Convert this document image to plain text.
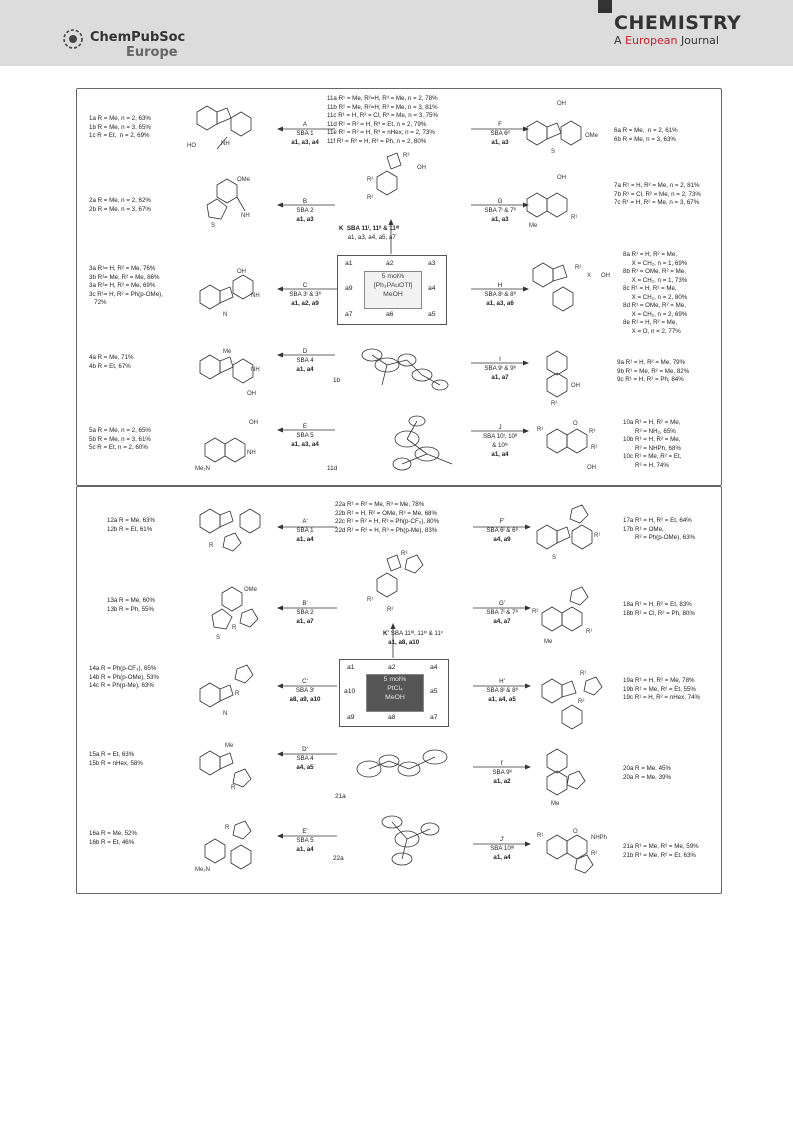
ChemPubSoc
Europe
CHEMISTRY
A European Journal
1a R = Me, n = 2, 63%
1b R = Me, n = 3, 65%
1c R = Et,  n = 2, 69%
2a R = Me, n = 2, 62%
2b R = Me, n = 3, 67%
3a R¹= H, R² = Me, 76%
3b R¹= Me, R² = Me, 86%
3a R¹= H, R² = Me, 69%
3c R¹= H, R² = Ph(p-OMe),
72%
4a R = Me, 71%
4b R = Et, 67%
5a R = Me, n = 2, 65%
5b R = Me, n = 3, 61%
5c R = Et, n = 2, 60%
6a R = Me,  n = 2, 61%
6b R = Me, n = 3, 63%
7a R¹ = H, R² = Me, n = 2, 81%
7b R¹ = Cl, R² = Me, n = 2, 73%
7c R¹ = H, R² = Me, n = 3, 67%
8a R¹ = H, R² = Me,
X = CH₂, n = 1, 69%
8b R¹ = OMe, R² = Me,
X = CH₂, n = 1, 73%
8c R¹ = H, R² = Me,
X = CH₂, n = 2, 80%
8d R¹ = OMe, R² = Me,
X = CH₂, n = 2, 69%
8e R¹ = H, R² = Me,
X = O, n = 2, 77%
9a R¹ = H, R² = Me, 79%
9b R¹ = Me, R² = Me, 82%
9c R¹ = H, R² = Ph, 84%
10a R¹ = H, R² = Me,
R³ = NH₂, 65%
10b R¹ = H, R² = Me,
R³ = NHPh, 68%
10c R¹ = Me, R² = Et,
R³ = H, 74%
11a R¹ = Me, R²=H, R³ = Me, n = 2, 78%
11b R¹ = Me, R²=H, R³ = Me, n = 3, 81%
11c R¹ = H, R² = Cl, R³ = Me, n = 3, 75%
11d R¹ = R² = H, R³ = Et, n = 2, 79%
11e R¹ = R² = H, R³ = nHex, n = 2, 73%
11f R¹ = R² = H, R³ = Ph, n = 2, 80%
a1	a2	a3
a9	a4
a7	a6	a5
5 mol%
[Ph₃PAuOTf]
MeOH
1b
11d
NH
HO
NH
OMe
S
OH
N
NH
Me
NH
OH
Me₂N
NH
OH
S
OMe
OH
OH
Me
R¹
R²
X OH
OH
R¹
O
R³
R²
OH
R¹
R³
OH
R¹
R²
A
SBA 1
a1, a3, a4
B
SBA 2
a1, a3
C
SBA 3ᴵ & 3ᴵᴵ
a1, a2, a9
D
SBA 4
a1, a4
E
SBA 5
a1, a3, a4
F
SBA 6ᴵᴵ
a1, a3
G
SBA 7ᴵ & 7ᴵᴵ
a1, a3
H
SBA 8ᴵ & 8ᴵᴵ
a1, a3, a6
I
SBA 9ᴵ & 9ᴵᴵ
a1, a7
J
SBA 10ᴵ, 10ᴵᴵ
& 10ᴵᵛ
a1, a4
K SBA 11ᴵ, 11ᴵᴵ & 11ᴵᴵᴵ
a1, a3, a4, a5, a7
12a R = Me, 63%
12b R = Et, 61%
13a R = Me, 60%
13b R = Ph, 55%
14a R = Ph(p-CF₃), 65%
14b R = Ph(p-OMe), 53%
14c R = Ph(p-Me), 63%
15a R = Et, 63%
15b R = nHex, 58%
16a R = Me, 52%
16b R = Et, 46%
17a R¹ = H, R² = Et, 64%
17b R¹ = OMe,
R² = Ph(p-OMe), 63%
18a R¹ = H, R² = Et, 83%
18b R¹ = Cl, R² = Ph, 80%
19a R¹ = H, R² = Me, 78%
19b R¹ = Me, R² = Et, 55%
19c R¹ = H, R² = nHex, 74%
20a R = Me, 45%
20a R = Me, 39%
21a R¹ = Me, R² = Me, 59%
21b R¹ = Me, R² = Et, 63%
22a R¹ = R² = Me, R³ = Me, 78%
22b R¹ = H, R² = OMe, R³ = Me, 68%
22c R¹ = R² = H, R³ = Ph(p-CF₃), 80%
22d R¹ = R² = H, R³ = Ph(p-Me), 83%
a1	a2	a4
a10	a5
a9	a8	a7
5 mol%
PtCl₄
MeOH
21a
22a
R
OMe
S
R
N
R
Me
R
Me₂N
R
S
R¹
Me
R¹
R²
R¹
R²
Me
O
NHPh
R¹
R²
R³
R¹
R²
A'
SBA 1
a1, a4
B'
SBA 2
a1, a7
C'
SBA 3ᴵ
a8, a9, a10
D'
SBA 4
a4, a5
E'
SBA 5
a1, a4
F'
SBA 6ᴵ & 6ᴵᴵ
a4, a9
G'
SBA 7ᴵ & 7ᴵᴵ
a4, a7
H'
SBA 8ᴵ & 8ᴵᴵ
a1, a4, a5
I'
SBA 9ᴵᴵ
a1, a2
J'
SBA 10ᴵᴵᴵ
a1, a4
K' SBA 11ᴵᴵᴵ, 11ᴵᵛ & 11ᵛ
a1, a8, a10
